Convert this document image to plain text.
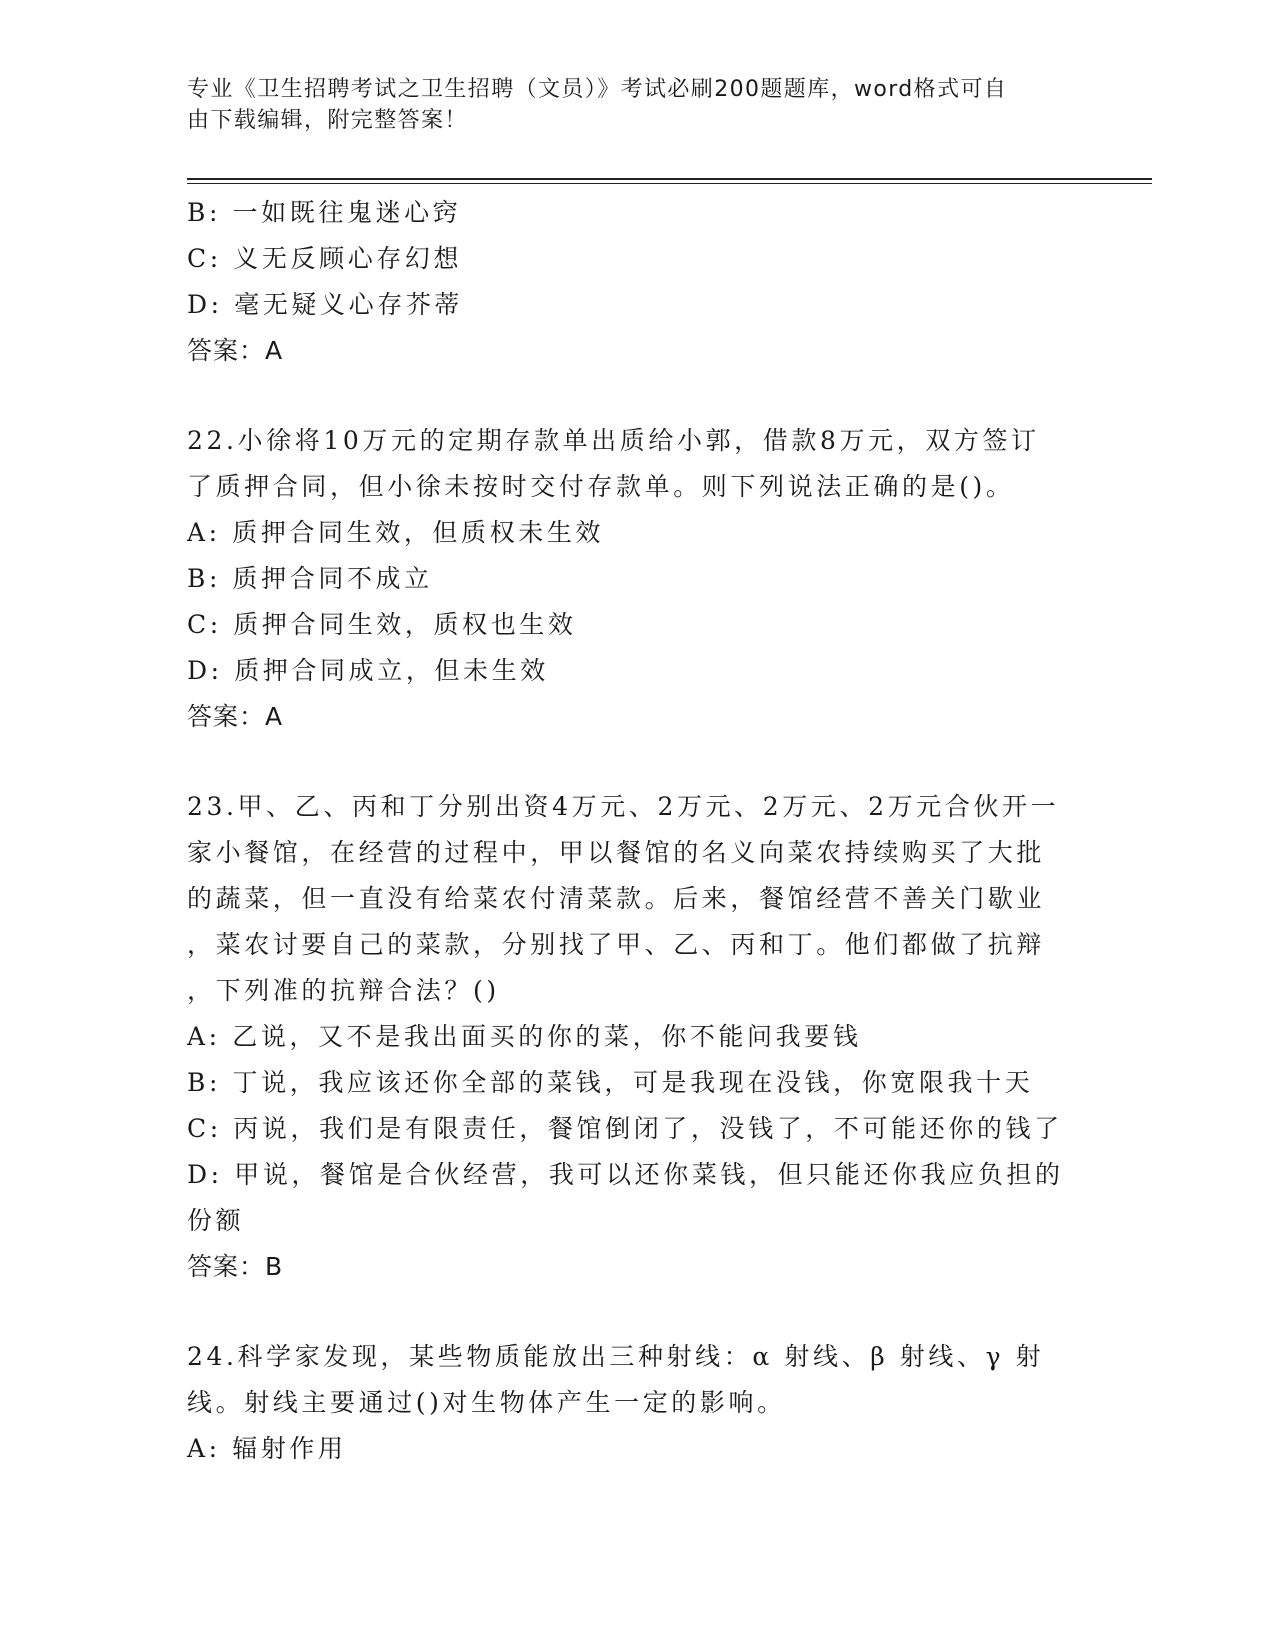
专业《卫生招聘考试之卫生招聘（文员）》考试必刷200题题库，word格式可自
由下载编辑，附完整答案！
B: 一如既往鬼迷心窍
C: 义无反顾心存幻想
D: 毫无疑义心存芥蒂
答案：A
22.小徐将10万元的定期存款单出质给小郭，借款8万元，双方签订
了质押合同，但小徐未按时交付存款单。则下列说法正确的是()。
A: 质押合同生效，但质权未生效
B: 质押合同不成立
C: 质押合同生效，质权也生效
D: 质押合同成立，但未生效
答案：A
23.甲、乙、丙和丁分别出资4万元、2万元、2万元、2万元合伙开一
家小餐馆，在经营的过程中，甲以餐馆的名义向菜农持续购买了大批
的蔬菜，但一直没有给菜农付清菜款。后来，餐馆经营不善关门歇业
，菜农讨要自己的菜款，分别找了甲、乙、丙和丁。他们都做了抗辩
，下列准的抗辩合法？()
A: 乙说，又不是我出面买的你的菜，你不能问我要钱
B: 丁说，我应该还你全部的菜钱，可是我现在没钱，你宽限我十天
C: 丙说，我们是有限责任，餐馆倒闭了，没钱了，不可能还你的钱了
D: 甲说，餐馆是合伙经营，我可以还你菜钱，但只能还你我应负担的
份额
答案：B
24.科学家发现，某些物质能放出三种射线：α 射线、β 射线、γ 射
线。射线主要通过()对生物体产生一定的影响。
A: 辐射作用
